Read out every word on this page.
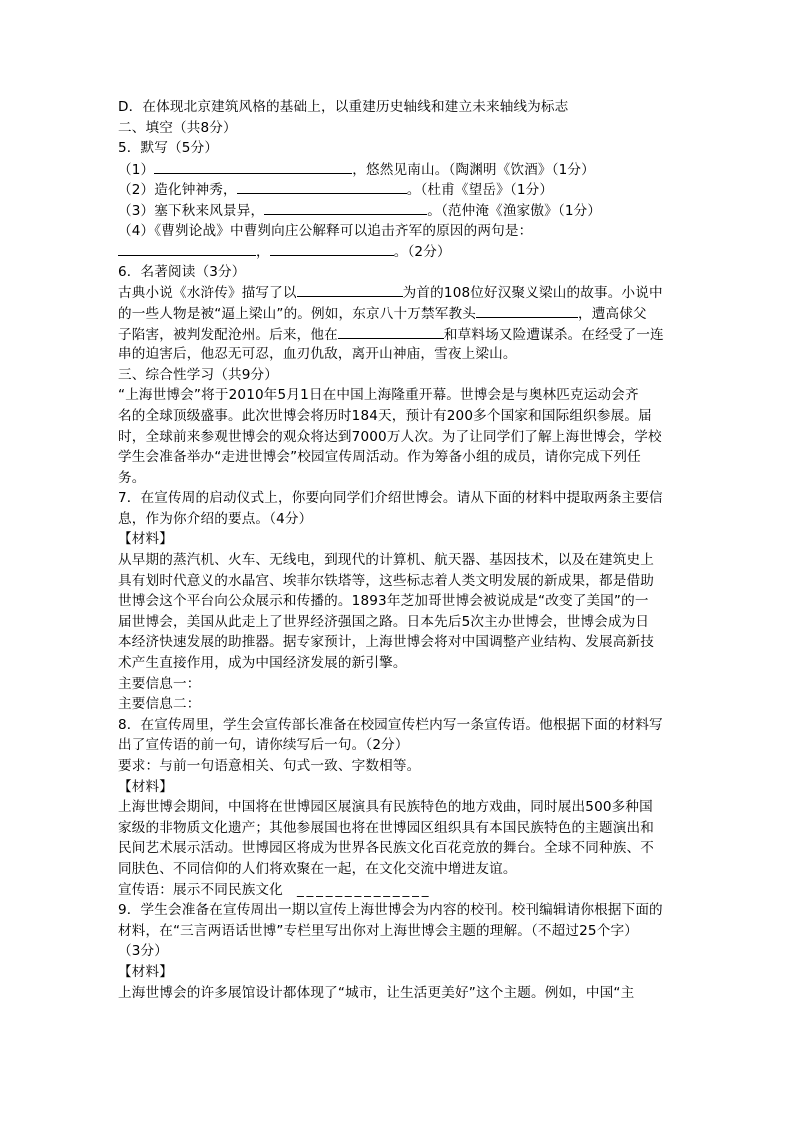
D．在体现北京建筑风格的基础上，以重建历史轴线和建立未来轴线为标志
二、填空（共8分）
5．默写（5分）
（1）	，悠然见南山。（陶渊明《饮酒》（1分）
（2）造化钟神秀，	。（杜甫《望岳》（1分）
（3）塞下秋来风景异，	。（范仲淹《渔家傲》（1分）
（4）《曹刿论战》中曹刿向庄公解释可以追击齐军的原因的两句是：
，	。（2分）
6．名著阅读（3分）
古典小说《水浒传》描写了以	为首的108位好汉聚义梁山的故事。小说中
的一些人物是被“逼上梁山”的。例如，东京八十万禁军教头	，遭高俅父
子陷害，被判发配沧州。后来，他在	和草料场又险遭谋杀。在经受了一连
串的迫害后，他忍无可忍，血刃仇敌，离开山神庙，雪夜上梁山。
三、综合性学习（共9分）
“上海世博会”将于2010年5月1日在中国上海隆重开幕。世博会是与奥林匹克运动会齐
名的全球顶级盛事。此次世博会将历时184天，预计有200多个国家和国际组织参展。届
时，全球前来参观世博会的观众将达到7000万人次。为了让同学们了解上海世博会，学校
学生会准备举办“走进世博会”校园宣传周活动。作为筹备小组的成员，请你完成下列任
务。
7．在宣传周的启动仪式上，你要向同学们介绍世博会。请从下面的材料中提取两条主要信
息，作为你介绍的要点。（4分）
【材料】
从早期的蒸汽机、火车、无线电，到现代的计算机、航天器、基因技术，以及在建筑史上
具有划时代意义的水晶宫、埃菲尔铁塔等，这些标志着人类文明发展的新成果，都是借助
世博会这个平台向公众展示和传播的。1893年芝加哥世博会被说成是“改变了美国”的一
届世博会，美国从此走上了世界经济强国之路。日本先后5次主办世博会，世博会成为日
本经济快速发展的助推器。据专家预计，上海世博会将对中国调整产业结构、发展高新技
术产生直接作用，成为中国经济发展的新引擎。
主要信息一：
主要信息二：
8．在宣传周里，学生会宣传部长准备在校园宣传栏内写一条宣传语。他根据下面的材料写
出了宣传语的前一句，请你续写后一句。（2分）
要求：与前一句语意相关、句式一致、字数相等。
【材料】
上海世博会期间，中国将在世博园区展演具有民族特色的地方戏曲，同时展出500多种国
家级的非物质文化遗产；其他参展国也将在世博园区组织具有本国民族特色的主题演出和
民间艺术展示活动。世博园区将成为世界各民族文化百花竞放的舞台。全球不同种族、不
同肤色、不同信仰的人们将欢聚在一起，在文化交流中增进友谊。
宣传语：展示不同民族文化 ______________
9．学生会准备在宣传周出一期以宣传上海世博会为内容的校刊。校刊编辑请你根据下面的
材料，在“三言两语话世博”专栏里写出你对上海世博会主题的理解。（不超过25个字）
（3分）
【材料】
上海世博会的许多展馆设计都体现了“城市，让生活更美好”这个主题。例如，中国“主
